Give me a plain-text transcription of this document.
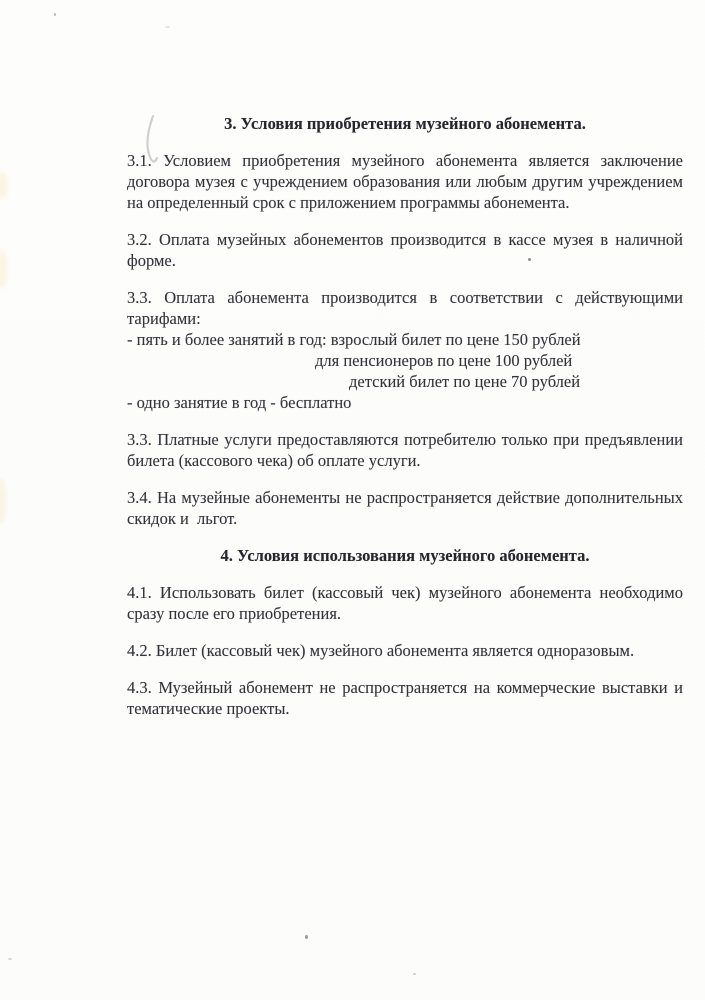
3. Условия приобретения музейного абонемента.
3.1. Условием приобретения музейного абонемента является заключение
договора музея с учреждением образования или любым другим учреждением
на определенный срок с приложением программы абонемента.
3.2. Оплата музейных абонементов производится в кассе музея в наличной
форме.
3.3. Оплата абонемента производится в соответствии с действующими
тарифами:
- пять и более занятий в год: взрослый билет по цене 150 рублей
для пенсионеров по цене 100 рублей
детский билет по цене 70 рублей
- одно занятие в год - бесплатно
3.3. Платные услуги предоставляются потребителю только при предъявлении
билета (кассового чека) об оплате услуги.
3.4. На музейные абонементы не распространяется действие дополнительных
скидок и  льгот.
4. Условия использования музейного абонемента.
4.1. Использовать билет (кассовый чек) музейного абонемента необходимо
сразу после его приобретения.
4.2. Билет (кассовый чек) музейного абонемента является одноразовым.
4.3. Музейный абонемент не распространяется на коммерческие выставки и
тематические проекты.
